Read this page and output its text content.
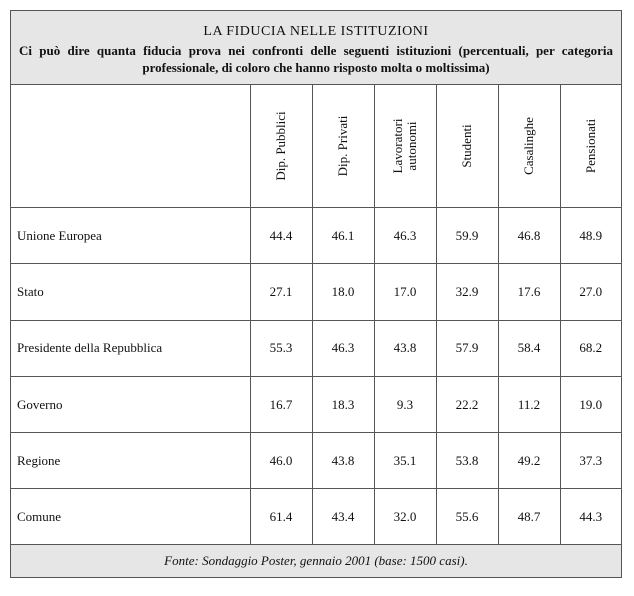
LA FIDUCIA NELLE ISTITUZIONI
Ci può dire quanta fiducia prova nei confronti delle seguenti istituzioni (percentuali, per categoria professionale, di coloro che hanno risposto molta o moltissima)

Dip. Pubblici	Dip. Privati	Lavoratori autonomi	Studenti	Casalinghe	Pensionati

Unione Europea	44.4	46.1	46.3	59.9	46.8	48.9
Stato	27.1	18.0	17.0	32.9	17.6	27.0
Presidente della Repubblica	55.3	46.3	43.8	57.9	58.4	68.2
Governo	16.7	18.3	9.3	22.2	11.2	19.0
Regione	46.0	43.8	35.1	53.8	49.2	37.3
Comune	61.4	43.4	32.0	55.6	48.7	44.3
Fonte: Sondaggio Poster, gennaio 2001 (base: 1500 casi).
